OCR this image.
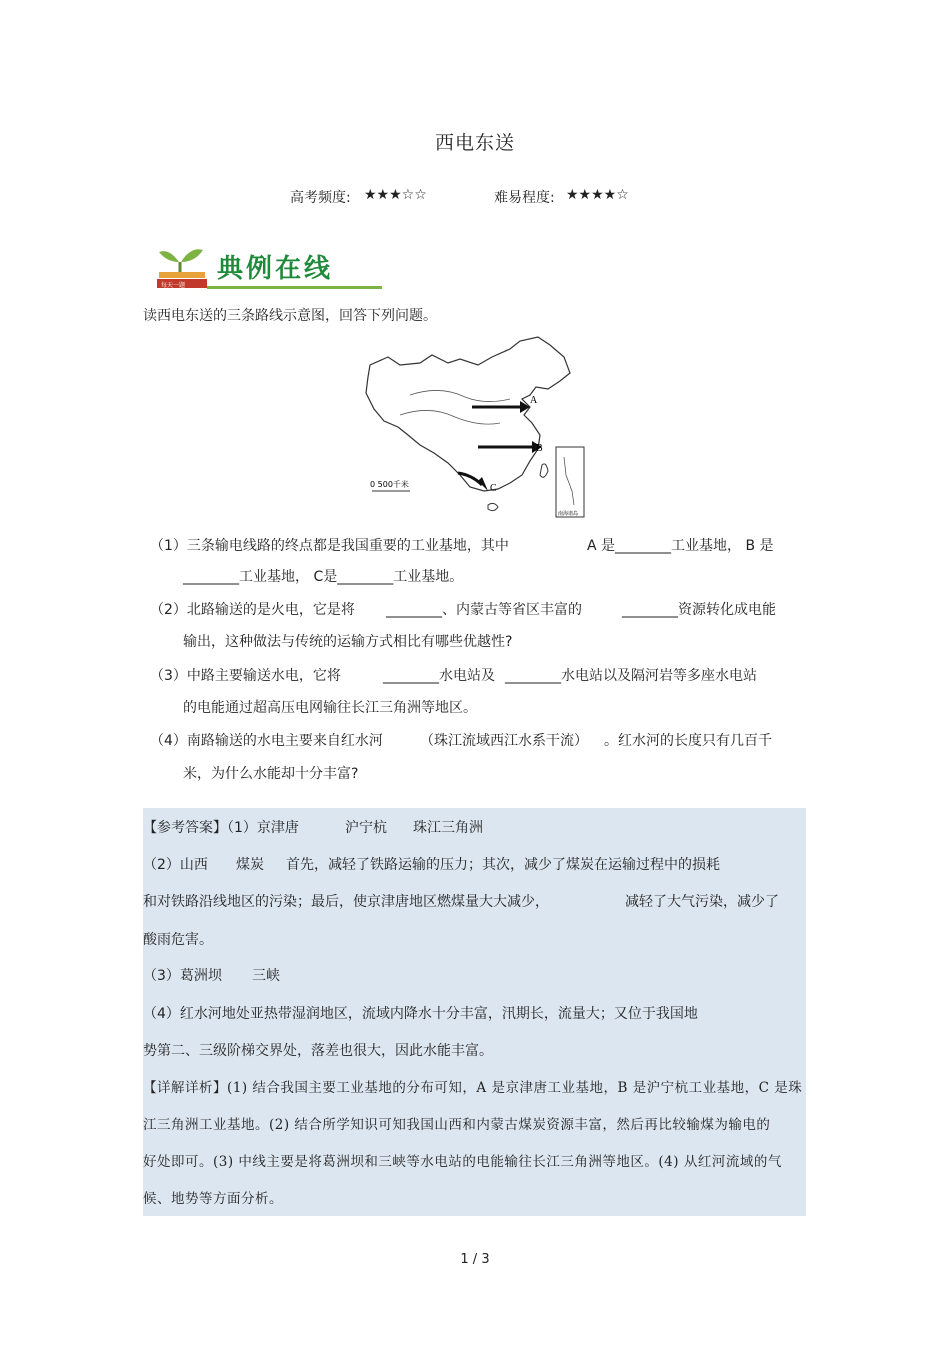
西电东送
高考频度: ★★★☆☆	难易程度: ★★★★☆
典例在线
每天一题
读西电东送的三条路线示意图，回答下列问题。
A
B
C
0 500千米
南海诸岛
（1）三条输电线路的终点都是我国重要的工业基地，其中	A 是________工业基地， B 是
________工业基地， C是________工业基地。
（2）北路输送的是火电，它是将 ________、内蒙古等省区丰富的	________资源转化成电能
输出，这种做法与传统的运输方式相比有哪些优越性?
（3）中路主要输送水电，它将	________水电站及 ________水电站以及隔河岩等多座水电站
的电能通过超高压电网输往长江三角洲等地区。
（4）南路输送的水电主要来自红水河	（珠江流域西江水系干流） 。红水河的长度只有几百千
米，为什么水能却十分丰富?
【参考答案】（1）京津唐	沪宁杭 珠江三角洲
（2）山西 煤炭 首先，减轻了铁路运输的压力；其次，减少了煤炭在运输过程中的损耗
和对铁路沿线地区的污染；最后，使京津唐地区燃煤量大大减少，	减轻了大气污染，减少了
酸雨危害。
（3）葛洲坝 三峡
（4）红水河地处亚热带湿润地区，流域内降水十分丰富，汛期长，流量大；又位于我国地
势第二、三级阶梯交界处，落差也很大，因此水能丰富。
【详解详析】(1) 结合我国主要工业基地的分布可知，A 是京津唐工业基地，B 是沪宁杭工业基地，C 是珠
江三角洲工业基地。(2) 结合所学知识可知我国山西和内蒙古煤炭资源丰富，然后再比较输煤为输电的
好处即可。(3) 中线主要是将葛洲坝和三峡等水电站的电能输往长江三角洲等地区。(4) 从红河流域的气
候、地势等方面分析。
1 / 3
